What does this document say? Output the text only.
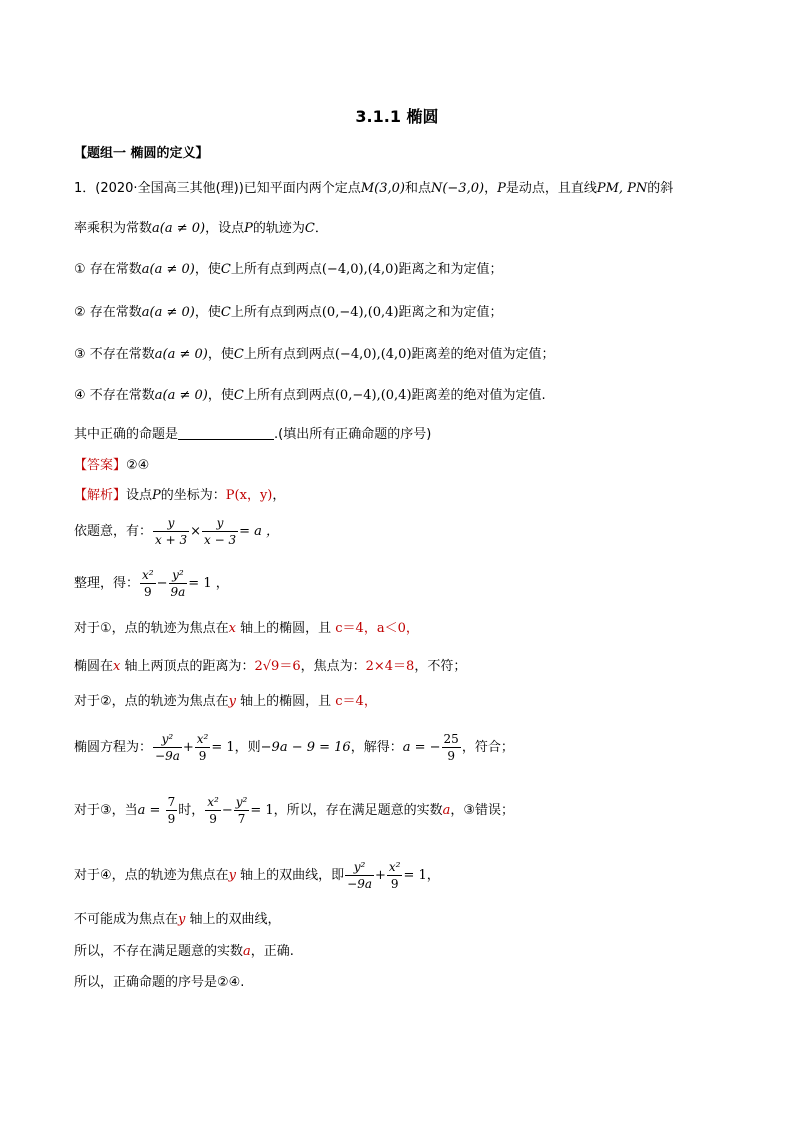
3.1.1 椭圆
【题组一 椭圆的定义】
1．(2020·全国高三其他(理))已知平面内两个定点M(3,0)和点N(−3,0)，P是动点，且直线PM, PN的斜
率乘积为常数a(a ≠ 0)，设点P的轨迹为C．
① 存在常数a(a ≠ 0)，使C上所有点到两点(−4,0),(4,0)距离之和为定值；
② 存在常数a(a ≠ 0)，使C上所有点到两点(0,−4),(0,4)距离之和为定值；
③ 不存在常数a(a ≠ 0)，使C上所有点到两点(−4,0),(4,0)距离差的绝对值为定值；
④ 不存在常数a(a ≠ 0)，使C上所有点到两点(0,−4),(0,4)距离差的绝对值为定值.
其中正确的命题是	.(填出所有正确命题的序号)
【答案】②④
【解析】设点P的坐标为：P(x，y)，
依题意，有： $\frac{y}{x + 3} \times \frac{y}{x - 3} = a$ ，
整理，得： $\frac{\text{x²}}{9} - \frac{\text{y²}}{9a} = 1$ ，
对于①，点的轨迹为焦点在x 轴上的椭圆，且 c＝4，a＜0，
椭圆在x 轴上两顶点的距离为：2√9＝6，焦点为：2×4＝8，不符；
对于②，点的轨迹为焦点在y 轴上的椭圆，且 c＝4，
椭圆方程为： $\frac{\text{y²}}{-9a} + \frac{\text{x²}}{9} = 1$，则−9a − 9 = 16，解得：a = − $\frac{25}{9}$ ，符合；
对于③，当$a = \frac{7}{9}$ 时， $\frac{\text{x²}}{9} - \frac{\text{y²}}{7} = 1$，所以，存在满足题意的实数a，③错误；
对于④，点的轨迹为焦点在y 轴上的双曲线，即 $\frac{\text{y²}}{-9a} + \frac{\text{x²}}{9} = 1$，
不可能成为焦点在y 轴上的双曲线，
所以，不存在满足题意的实数a，正确.
所以，正确命题的序号是②④.
